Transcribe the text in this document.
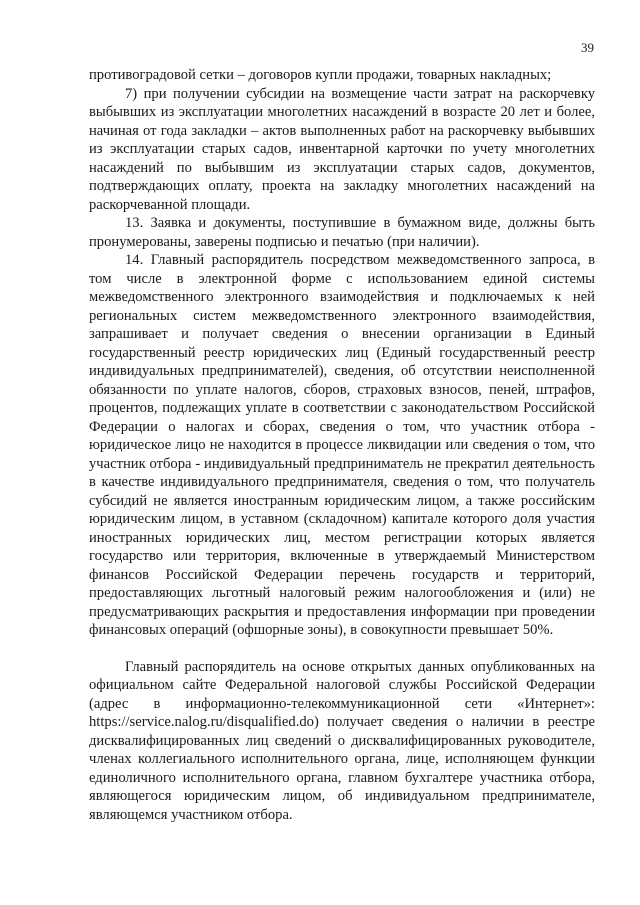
39

противоградовой сетки – договоров купли продажи, товарных накладных;

7) при получении субсидии на возмещение части затрат на раскорчевку выбывших из эксплуатации многолетних насаждений в возрасте 20 лет и более, начиная от года закладки – актов выполненных работ на раскорчевку выбывших из эксплуатации старых садов, инвентарной карточки по учету многолетних насаждений по выбывшим из эксплуатации старых садов, документов, подтверждающих оплату, проекта на закладку многолетних насаждений на раскорчеванной площади.

13. Заявка и документы, поступившие в бумажном виде, должны быть пронумерованы, заверены подписью и печатью (при наличии).

14. Главный распорядитель посредством межведомственного запроса, в том числе в электронной форме с использованием единой системы межведомственного электронного взаимодействия и подключаемых к ней региональных систем межведомственного электронного взаимодействия, запрашивает и получает сведения о внесении организации в Единый государственный реестр юридических лиц (Единый государственный реестр индивидуальных предпринимателей), сведения, об отсутствии неисполненной обязанности по уплате налогов, сборов, страховых взносов, пеней, штрафов, процентов, подлежащих уплате в соответствии с законодательством Российской Федерации о налогах и сборах, сведения о том, что участник отбора - юридическое лицо не находится в процессе ликвидации или сведения о том, что участник отбора - индивидуальный предприниматель не прекратил деятельность в качестве индивидуального предпринимателя, сведения о том, что получатель субсидий не является иностранным юридическим лицом, а также российским юридическим лицом, в уставном (складочном) капитале которого доля участия иностранных юридических лиц, местом регистрации которых является государство или территория, включенные в утверждаемый Министерством финансов Российской Федерации перечень государств и территорий, предоставляющих льготный налоговый режим налогообложения и (или) не предусматривающих раскрытия и предоставления информации при проведении финансовых операций (офшорные зоны), в совокупности превышает 50%.

Главный распорядитель на основе открытых данных опубликованных на официальном сайте Федеральной налоговой службы Российской Федерации (адрес в информационно-телекоммуникационной сети «Интернет»: https://service.nalog.ru/disqualified.do) получает сведения о наличии в реестре дисквалифицированных лиц сведений о дисквалифицированных руководителе, членах коллегиального исполнительного органа, лице, исполняющем функции единоличного исполнительного органа, главном бухгалтере участника отбора, являющегося юридическим лицом, об индивидуальном предпринимателе, являющемся участником отбора.
